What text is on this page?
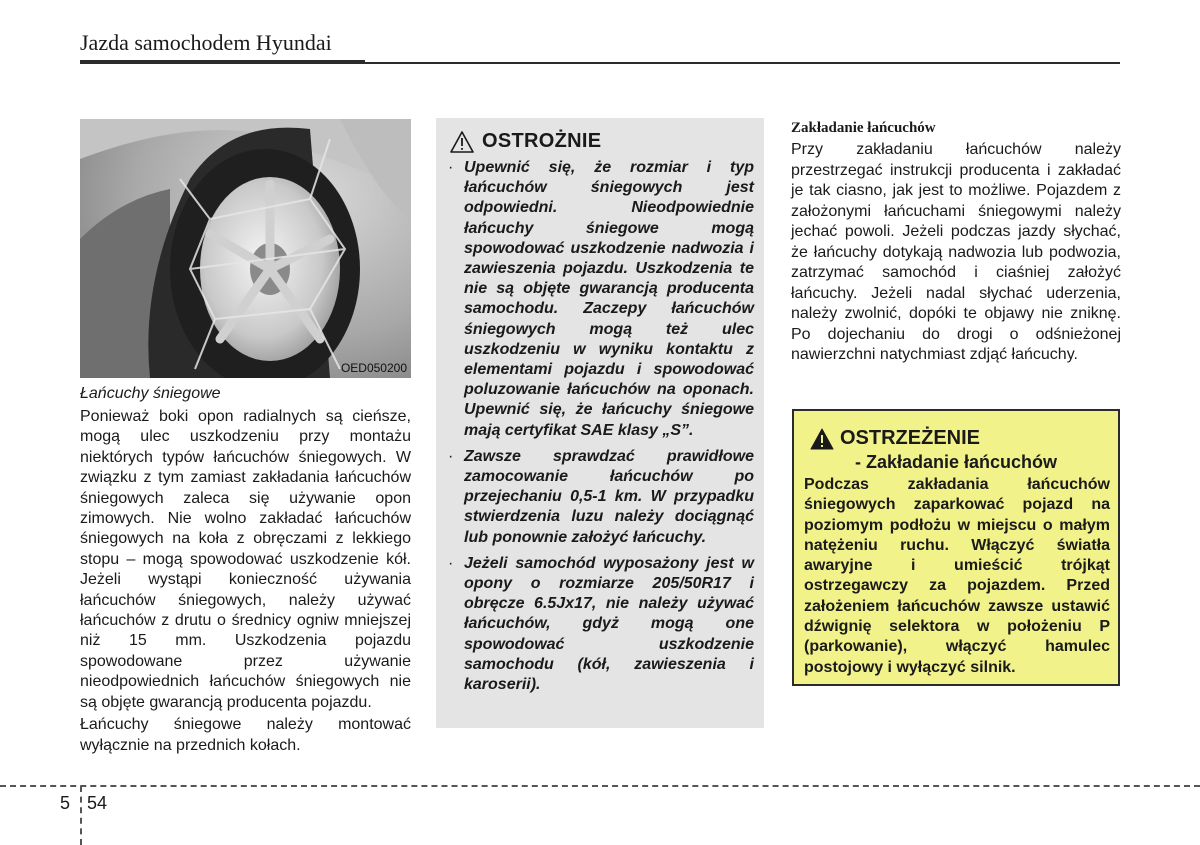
Jazda samochodem Hyundai
OED050200

Łańcuchy śniegowe

Ponieważ boki opon radialnych są cieńsze, mogą ulec uszkodzeniu przy montażu niektórych typów łańcuchów śniegowych. W związku z tym zamiast zakładania łańcuchów śniegowych zaleca się używanie opon zimowych. Nie wolno zakładać łańcuchów śniegowych na koła z obręczami z lekkiego stopu – mogą spowodować uszkodzenie kół. Jeżeli wystąpi konieczność używania łańcuchów śniegowych, należy używać łańcuchów z drutu o średnicy ogniw mniejszej niż 15 mm. Uszkodzenia pojazdu spowodowane przez używanie nieodpowiednich łańcuchów śniegowych nie są objęte gwarancją producenta pojazdu.

Łańcuchy śniegowe należy montować wyłącznie na przednich kołach.

OSTROŻNIE
· Upewnić się, że rozmiar i typ łańcuchów śniegowych jest odpowiedni. Nieodpowiednie łańcuchy śniegowe mogą spowodować uszkodzenie nadwozia i zawieszenia pojazdu. Uszkodzenia te nie są objęte gwarancją producenta samochodu. Zaczepy łańcuchów śniegowych mogą też ulec uszkodzeniu w wyniku kontaktu z elementami pojazdu i spowodować poluzowanie łańcuchów na oponach. Upewnić się, że łańcuchy śniegowe mają certyfikat SAE klasy „S”.
· Zawsze sprawdzać prawidłowe zamocowanie łańcuchów po przejechaniu 0,5-1 km. W przypadku stwierdzenia luzu należy dociągnąć lub ponownie założyć łańcuchy.
· Jeżeli samochód wyposażony jest w opony o rozmiarze 205/50R17 i obręcze 6.5Jx17, nie należy używać łańcuchów, gdyż mogą one spowodować uszkodzenie samochodu (kół, zawieszenia i karoserii).

Zakładanie łańcuchów

Przy zakładaniu łańcuchów należy przestrzegać instrukcji producenta i zakładać je tak ciasno, jak jest to możliwe. Pojazdem z założonymi łańcuchami śniegowymi należy jechać powoli. Jeżeli podczas jazdy słychać, że łańcuchy dotykają nadwozia lub podwozia, zatrzymać samochód i ciaśniej założyć łańcuchy. Jeżeli nadal słychać uderzenia, należy zwolnić, dopóki te objawy nie zniknę. Po dojechaniu do drogi o odśnieżonej nawierzchni natychmiast zdjąć łańcuchy.

OSTRZEŻENIE
- Zakładanie łańcuchów
Podczas zakładania łańcuchów śniegowych zaparkować pojazd na poziomym podłożu w miejscu o małym natężeniu ruchu. Włączyć światła awaryjne i umieścić trójkąt ostrzegawczy za pojazdem. Przed założeniem łańcuchów zawsze ustawić dźwignię selektora w położeniu P (parkowanie), włączyć hamulec postojowy i wyłączyć silnik.
5 54
